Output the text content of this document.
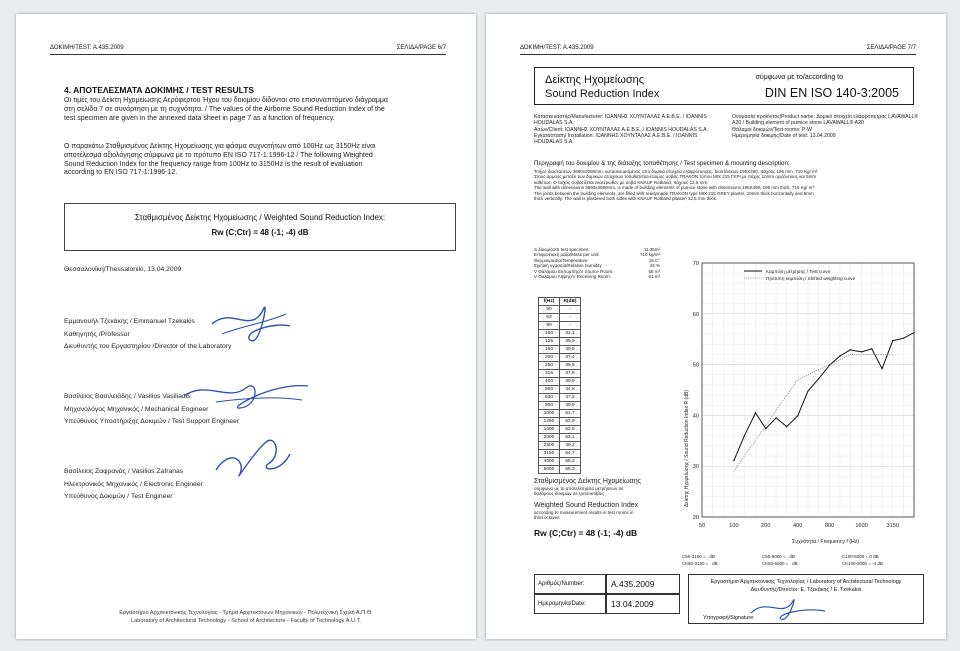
ΔΟΚΙΜΗ/TEST: A.435.2009	ΣΕΛΙΔΑ/PAGE 6/7
4. ΑΠΟΤΕΛΕΣΜΑΤΑ ΔΟΚΙΜΗΣ / TEST RESULTS
Οι τιμές του Δείκτη Ηχομείωσης Αερόφερτου Ήχου του δοκιμίου δίδονται στο επισυναπτόμενο διάγραμμα
στη σελίδα 7 σε συνάρτηση με τη συχνότητα. / The values of the Airborne Sound Reduction Index of the
test specimen are given in the annexed data sheet in page 7 as a function of frequency.
Ο παρακάτω Σταθμισμένος Δείκτης Ηχομείωσης για φάσμα συχνοτήτων από 100Hz ως 3150Hz είναι
αποτέλεσμα αξιολόγησης σύμφωνα με το πρότυπο EN ISO 717-1:1996-12 / The following Weighted
Sound Reduction Index for the frequency range from 100Hz to 3150Hz is the result of evaluation
according to EN ISO 717-1:1996-12.
Σταθμισμένος Δείκτης Ηχομείωσης / Weighted Sound Reduction Index:
Rw (C;Ctr) = 48 (-1; -4) dB
Θεσσαλονίκη/Thessaloniki, 13.04.2009
Εμμανουήλ Τζεκάκης / Emmanuel Tzekakis
Καθηγητής /Professor
Διευθυντής του Εργαστηρίου /Director of the Laboratory
Βασίλειος Βασιλειάδης / Vasilios Vasiliadis
Μηχανολόγος Μηχανικός / Mechanical Engineer
Υπεύθυνος Υποστήριξης Δοκιμών / Test Support Engineer
Βασίλειος Ζαφρανάς / Vasilios Zafranas
Ηλεκτρονικός Μηχανικός / Electronic Engineer
Υπεύθυνος Δοκιμών / Test Engineer
Εργαστήριο Αρχιτεκτονικής Τεχνολογίας - Τμήμα Αρχιτεκτόνων Μηχανικών - Πολυτεχνική Σχολή Α.Π.Θ.
Laboratory of Architectural Technology - School of Architecture - Faculty of Technology A.U.T.
ΔΟΚΙΜΗ/TEST: A.435.2009	ΣΕΛΙΔΑ/PAGE 7/7
Δείκτης Ηχομείωσης
Sound Reduction Index
σύμφωνα με το/according to
DIN EN ISO 140-3:2005
Κατασκευαστής/Manufacturer: ΙΩΑΝΝΗΣ ΧΟΥΝΤΑΛΑΣ Α.Ε.Β.Ε. / IOANNIS HOUDALAS S.A.
Αιτών/Client: ΙΩΑΝΝΗΣ ΧΟΥΝΤΑΛΑΣ Α.Ε.Β.Ε. / IOANNIS HOUDALAS S.A.
Εγκατάσταση/ Installation: ΙΩΑΝΝΗΣ ΧΟΥΝΤΑΛΑΣ Α.Ε.Β.Ε. / IOANNIS HOUDALAS S.A.
Ονομασία προϊόντος/Product name: Δομικό στοιχείο ελαφρόπετρας LAVAWALL® A20 / Building element of pumice stone LAVAWALL® A20
Θάλαμοι δοκιμών/Test rooms: P-W
Ημερομηνία δοκιμής/Date of test: 13.04.2009
Περιγραφή του δοκιμίου & της διάταξης τοποθέτησης / Test specimen & mounting description:
Τοίχος διαστάσεων 3690x3080mm, κατασκευασμένος από δομικά στοιχεία ελαφρόπετρας, διαστάσεων 195X490, πάχους 195 mm, 710 Kg/ m³.
Στους αρμούς μεταξύ των δομικών στοιχείων τοποθετείται έτοιμος σοβάς TRAKON τύπου MIX 215 ΓΚΡΙ με πάχος 10mm οριζόντιους και 5mm
καθέτως. Ο τοίχος σοβατίζεται εκατέρωθεν με σοβά KNAUF Rotband, πάχους 12,5 mm.
The wall with dimensions 3690x3080mm, is made of building elements of pumice stone with dimensions 195X490, 195 mm thick, 710 Kg/ m³.
The joints between the building elements, are filled with readymade TRAKON type MIX 215 GREY plaster, 10mm thick horizontally and 5mm
thick vertically. The wall is plastered both sides with KNAUF Rotband plaster, 12,5 mm thick.
S δοκιμίου/S test specimen:	11,35m²
Επιφανειακή μάζα/Mass per unit:	710 kg/m²
Θερμοκρασία/Temperature	15 C°
Σχετική υγρασία/Relative humidity	43 %
V Θαλάμου Εκπομπής/V Source Room:	56 m³
V Θαλάμου Λήψης/V Receiving Room:	51 m³
f(Hz)	R(dB)
50	-
63	-
80	-
100	31,1
125	35,9
160	40,5
200	37,4
250	39,5
315	37,8
400	39,9
500	44,8
630	47,2
800	49,9
1000	51,7
1250	52,9
1600	52,5
2000	53,1
2500	49,2
3150	54,7
4000	55,2
5000	56,3
Σταθμισμένος Δείκτης Ηχομείωσης
σύμφωνα με το αποτελέσματα μετρήσεων σε
θαλάμους δοκιμών σε τριτοοκτάβες
Weighted Sound Reduction Index
according to measurement results in test rooms in
third octaves
Rw (C;Ctr) = 48 (-1; -4) dB
20
30
40
50
60
70
50	100	200	400	800	1600	3150
Καμπύλη μέτρησης / Test curve
Πρότυπη καμπύλη / Shifted weighting curve
Δείκτης Ηχομείωσης / Sound Reduction Index R (dB)
Συχνότητα / Frequency f (Hz)
C50-3150 = dB	C50-5000 = dB	C100-5000 = 0 dB
Ctr50-3150 = dB	Ctr50-5000 = dB	Ctr100-5000 = -4 dB
Αριθμός/Number:	A.435.2009
Ημερομηνία/Date:	13.04.2009
Εργαστήριο Αρχιτεκτονικής Τεχνολογίας / Laboratory of Architectural Technology
Διευθυντής/Director: Ε. Τζεκάκης / E. Tzekakis
Υπογραφή/Signature:
